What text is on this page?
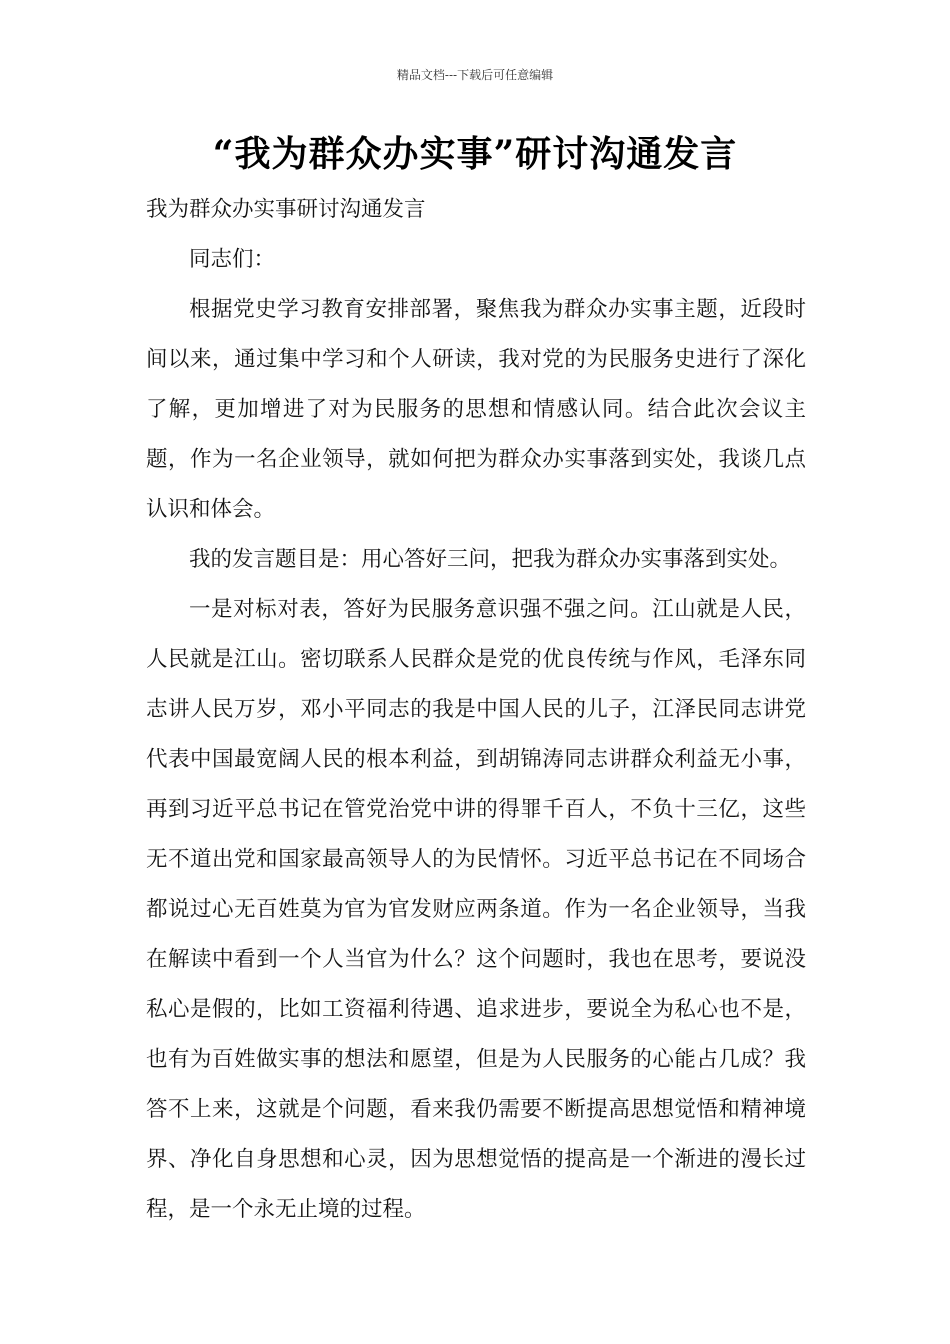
精品文档---下载后可任意编辑
“我为群众办实事”研讨沟通发言

我为群众办实事研讨沟通发言

同志们：

根据党史学习教育安排部署，聚焦我为群众办实事主题，近段时间以来，通过集中学习和个人研读，我对党的为民服务史进行了深化了解，更加增进了对为民服务的思想和情感认同。结合此次会议主题，作为一名企业领导，就如何把为群众办实事落到实处，我谈几点认识和体会。

我的发言题目是：用心答好三问，把我为群众办实事落到实处。

一是对标对表，答好为民服务意识强不强之问。江山就是人民，人民就是江山。密切联系人民群众是党的优良传统与作风，毛泽东同志讲人民万岁，邓小平同志的我是中国人民的儿子，江泽民同志讲党代表中国最宽阔人民的根本利益，到胡锦涛同志讲群众利益无小事，再到习近平总书记在管党治党中讲的得罪千百人，不负十三亿，这些无不道出党和国家最高领导人的为民情怀。习近平总书记在不同场合都说过心无百姓莫为官为官发财应两条道。作为一名企业领导，当我在解读中看到一个人当官为什么？这个问题时，我也在思考，要说没私心是假的，比如工资福利待遇、追求进步，要说全为私心也不是，也有为百姓做实事的想法和愿望，但是为人民服务的心能占几成？我答不上来，这就是个问题，看来我仍需要不断提高思想觉悟和精神境界、净化自身思想和心灵，因为思想觉悟的提高是一个渐进的漫长过程，是一个永无止境的过程。
